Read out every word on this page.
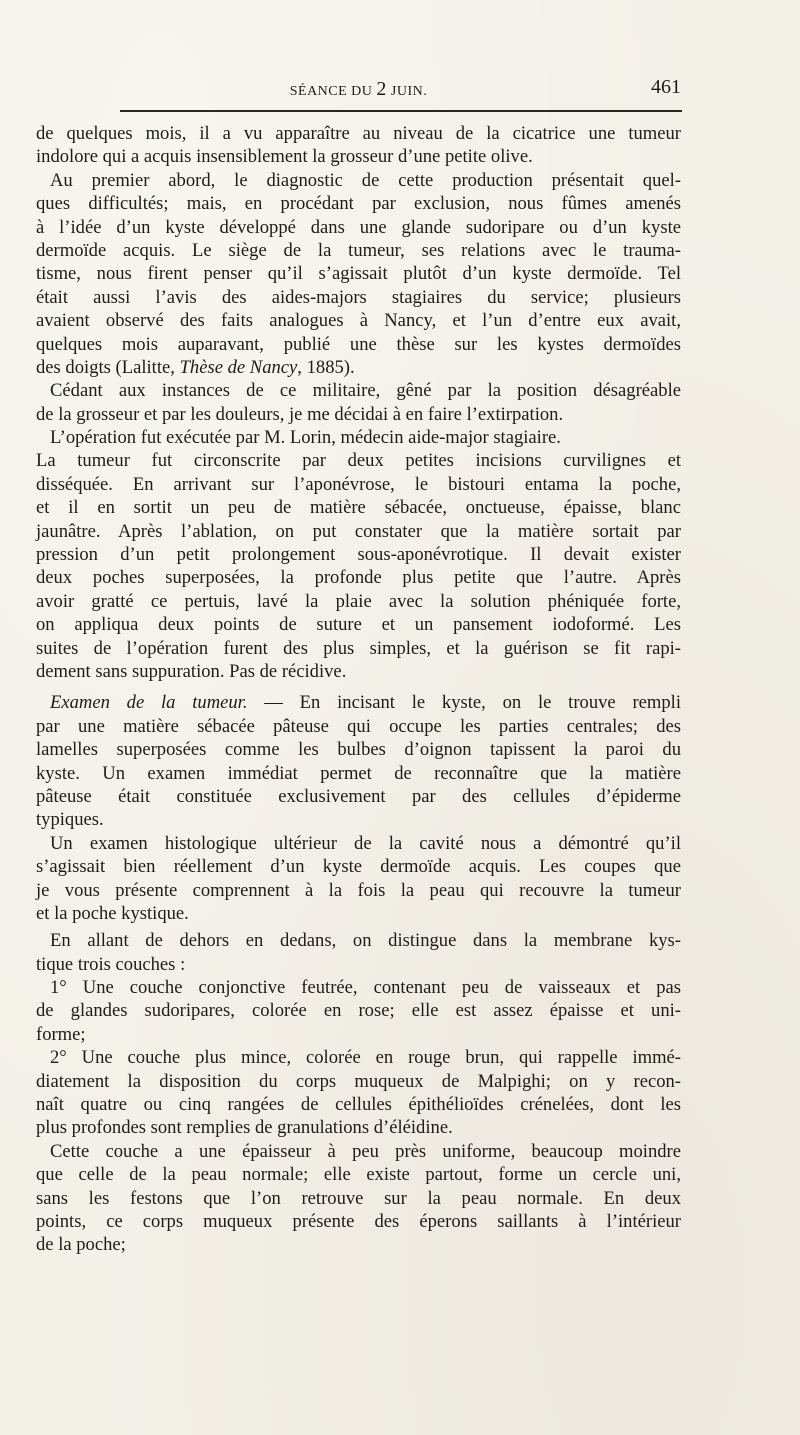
SÉANCE DU 2 JUIN.	461
de quelques mois, il a vu apparaître au niveau de la cicatrice une tumeur
indolore qui a acquis insensiblement la grosseur d’une petite olive.
Au premier abord, le diagnostic de cette production présentait quel-
ques difficultés; mais, en procédant par exclusion, nous fûmes amenés
à l’idée d’un kyste développé dans une glande sudoripare ou d’un kyste
dermoïde acquis. Le siège de la tumeur, ses relations avec le trauma-
tisme, nous firent penser qu’il s’agissait plutôt d’un kyste dermoïde. Tel
était aussi l’avis des aides-majors stagiaires du service; plusieurs
avaient observé des faits analogues à Nancy, et l’un d’entre eux avait,
quelques mois auparavant, publié une thèse sur les kystes dermoïdes
des doigts (Lalitte, Thèse de Nancy, 1885).
Cédant aux instances de ce militaire, gêné par la position désagréable
de la grosseur et par les douleurs, je me décidai à en faire l’extirpation.
L’opération fut exécutée par M. Lorin, médecin aide-major stagiaire.
La tumeur fut circonscrite par deux petites incisions curvilignes et
disséquée. En arrivant sur l’aponévrose, le bistouri entama la poche,
et il en sortit un peu de matière sébacée, onctueuse, épaisse, blanc
jaunâtre. Après l’ablation, on put constater que la matière sortait par
pression d’un petit prolongement sous-aponévrotique. Il devait exister
deux poches superposées, la profonde plus petite que l’autre. Après
avoir gratté ce pertuis, lavé la plaie avec la solution phéniquée forte,
on appliqua deux points de suture et un pansement iodoformé. Les
suites de l’opération furent des plus simples, et la guérison se fit rapi-
dement sans suppuration. Pas de récidive.
Examen de la tumeur. — En incisant le kyste, on le trouve rempli
par une matière sébacée pâteuse qui occupe les parties centrales; des
lamelles superposées comme les bulbes d’oignon tapissent la paroi du
kyste. Un examen immédiat permet de reconnaître que la matière
pâteuse était constituée exclusivement par des cellules d’épiderme
typiques.
Un examen histologique ultérieur de la cavité nous a démontré qu’il
s’agissait bien réellement d’un kyste dermoïde acquis. Les coupes que
je vous présente comprennent à la fois la peau qui recouvre la tumeur
et la poche kystique.
En allant de dehors en dedans, on distingue dans la membrane kys-
tique trois couches :
1° Une couche conjonctive feutrée, contenant peu de vaisseaux et pas
de glandes sudoripares, colorée en rose; elle est assez épaisse et uni-
forme;
2° Une couche plus mince, colorée en rouge brun, qui rappelle immé-
diatement la disposition du corps muqueux de Malpighi; on y recon-
naît quatre ou cinq rangées de cellules épithélioïdes crénelées, dont les
plus profondes sont remplies de granulations d’éléidine.
Cette couche a une épaisseur à peu près uniforme, beaucoup moindre
que celle de la peau normale; elle existe partout, forme un cercle uni,
sans les festons que l’on retrouve sur la peau normale. En deux
points, ce corps muqueux présente des éperons saillants à l’intérieur
de la poche;
